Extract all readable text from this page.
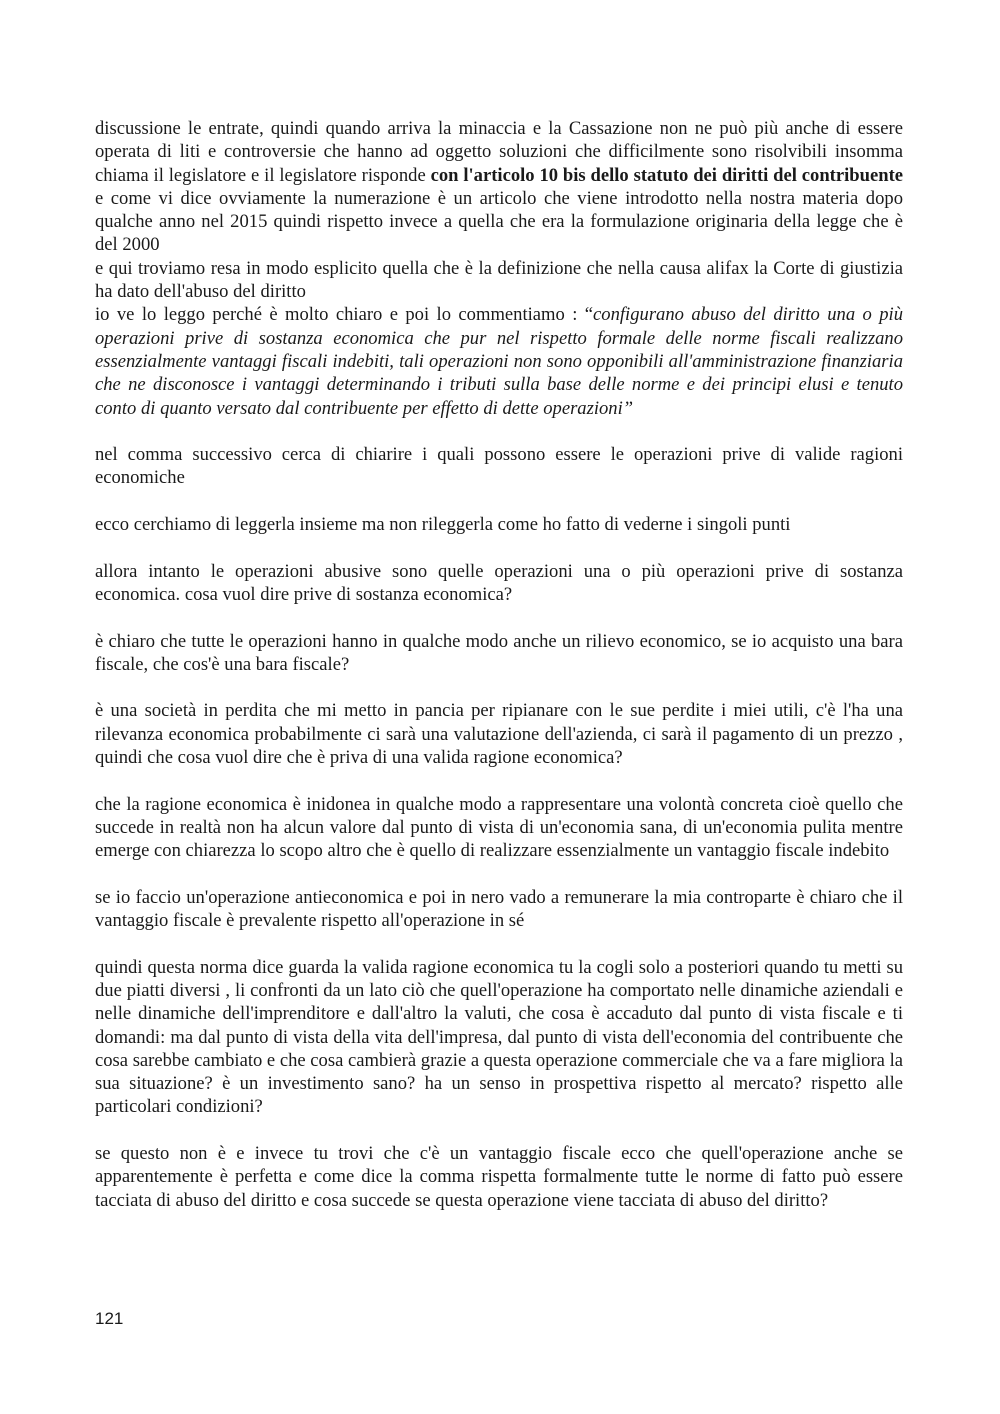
discussione le entrate, quindi quando arriva la minaccia e la Cassazione non ne può più anche di essere operata di liti e controversie che hanno ad oggetto soluzioni che difficilmente sono risolvibili insomma chiama il legislatore e il legislatore risponde con l'articolo 10 bis dello statuto dei diritti del contribuente e come vi dice ovviamente la numerazione è un articolo che viene introdotto nella nostra materia dopo qualche anno nel 2015 quindi rispetto invece a quella che era la formulazione originaria della legge che è del 2000

e qui troviamo resa in modo esplicito quella che è la definizione che nella causa alifax la Corte di giustizia ha dato dell'abuso del diritto

io ve lo leggo perché è molto chiaro e poi lo commentiamo : “configurano abuso del diritto una o più operazioni prive di sostanza economica che pur nel rispetto formale delle norme fiscali realizzano essenzialmente vantaggi fiscali indebiti, tali operazioni non sono opponibili all'amministrazione finanziaria che ne disconosce i vantaggi determinando i tributi sulla base delle norme e dei principi elusi e tenuto conto di quanto versato dal contribuente per effetto di dette operazioni”

nel comma successivo cerca di chiarire i quali possono essere le operazioni prive di valide ragioni economiche

ecco cerchiamo di leggerla insieme ma non rileggerla come ho fatto di vederne i singoli punti

allora intanto le operazioni abusive sono quelle operazioni una o più operazioni prive di sostanza economica. cosa vuol dire prive di sostanza economica?

è chiaro che tutte le operazioni hanno in qualche modo anche un rilievo economico, se io acquisto una bara fiscale, che cos'è una bara fiscale?

è una società in perdita che mi metto in pancia per ripianare con le sue perdite i miei utili, c'è l'ha una rilevanza economica probabilmente ci sarà una valutazione dell'azienda, ci sarà il pagamento di un prezzo , quindi che cosa vuol dire che è priva di una valida ragione economica?

che la ragione economica è inidonea in qualche modo a rappresentare una volontà concreta cioè quello che succede in realtà non ha alcun valore dal punto di vista di un'economia sana, di un'economia pulita mentre emerge con chiarezza lo scopo altro che è quello di realizzare essenzialmente un vantaggio fiscale indebito

se io faccio un'operazione antieconomica e poi in nero vado a remunerare la mia controparte è chiaro che il vantaggio fiscale è prevalente rispetto all'operazione in sé

quindi questa norma dice guarda la valida ragione economica tu la cogli solo a posteriori quando tu metti su due piatti diversi , li confronti da un lato ciò che quell'operazione ha comportato nelle dinamiche aziendali e nelle dinamiche dell'imprenditore e dall'altro la valuti, che cosa è accaduto dal punto di vista fiscale e ti domandi: ma dal punto di vista della vita dell'impresa, dal punto di vista dell'economia del contribuente che cosa sarebbe cambiato e che cosa cambierà grazie a questa operazione commerciale che va a fare migliora la sua situazione? è un investimento sano? ha un senso in prospettiva rispetto al mercato? rispetto alle particolari condizioni?

se questo non è e invece tu trovi che c'è un vantaggio fiscale ecco che quell'operazione anche se apparentemente è perfetta e come dice la comma rispetta formalmente tutte le norme di fatto può essere tacciata di abuso del diritto e cosa succede se questa operazione viene tacciata di abuso del diritto?

121
